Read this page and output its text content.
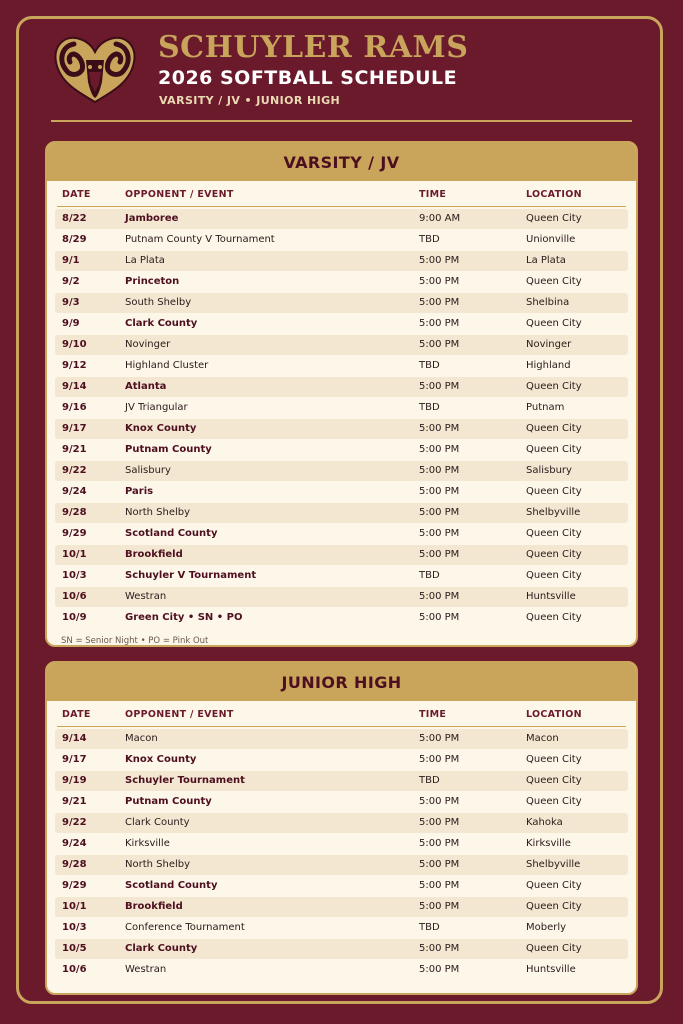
SCHUYLER RAMS
2026 SOFTBALL SCHEDULE

VARSITY / JV • JUNIOR HIGH

VARSITY / JV
DATE	OPPONENT / EVENT	TIME	LOCATION
8/22	Jamboree	9:00 AM	Queen City
8/29	Putnam County V Tournament	TBD	Unionville
9/1	La Plata	5:00 PM	La Plata
9/2	Princeton	5:00 PM	Queen City
9/3	South Shelby	5:00 PM	Shelbina
9/9	Clark County	5:00 PM	Queen City
9/10	Novinger	5:00 PM	Novinger
9/12	Highland Cluster	TBD	Highland
9/14	Atlanta	5:00 PM	Queen City
9/16	JV Triangular	TBD	Putnam
9/17	Knox County	5:00 PM	Queen City
9/21	Putnam County	5:00 PM	Queen City
9/22	Salisbury	5:00 PM	Salisbury
9/24	Paris	5:00 PM	Queen City
9/28	North Shelby	5:00 PM	Shelbyville
9/29	Scotland County	5:00 PM	Queen City
10/1	Brookfield	5:00 PM	Queen City
10/3	Schuyler V Tournament	TBD	Queen City
10/6	Westran	5:00 PM	Huntsville
10/9	Green City • SN • PO	5:00 PM	Queen City

SN = Senior Night • PO = Pink Out

JUNIOR HIGH
DATE	OPPONENT / EVENT	TIME	LOCATION
9/14	Macon	5:00 PM	Macon
9/17	Knox County	5:00 PM	Queen City
9/19	Schuyler Tournament	TBD	Queen City
9/21	Putnam County	5:00 PM	Queen City
9/22	Clark County	5:00 PM	Kahoka
9/24	Kirksville	5:00 PM	Kirksville
9/28	North Shelby	5:00 PM	Shelbyville
9/29	Scotland County	5:00 PM	Queen City
10/1	Brookfield	5:00 PM	Queen City
10/3	Conference Tournament	TBD	Moberly
10/5	Clark County	5:00 PM	Queen City
10/6	Westran	5:00 PM	Huntsville
